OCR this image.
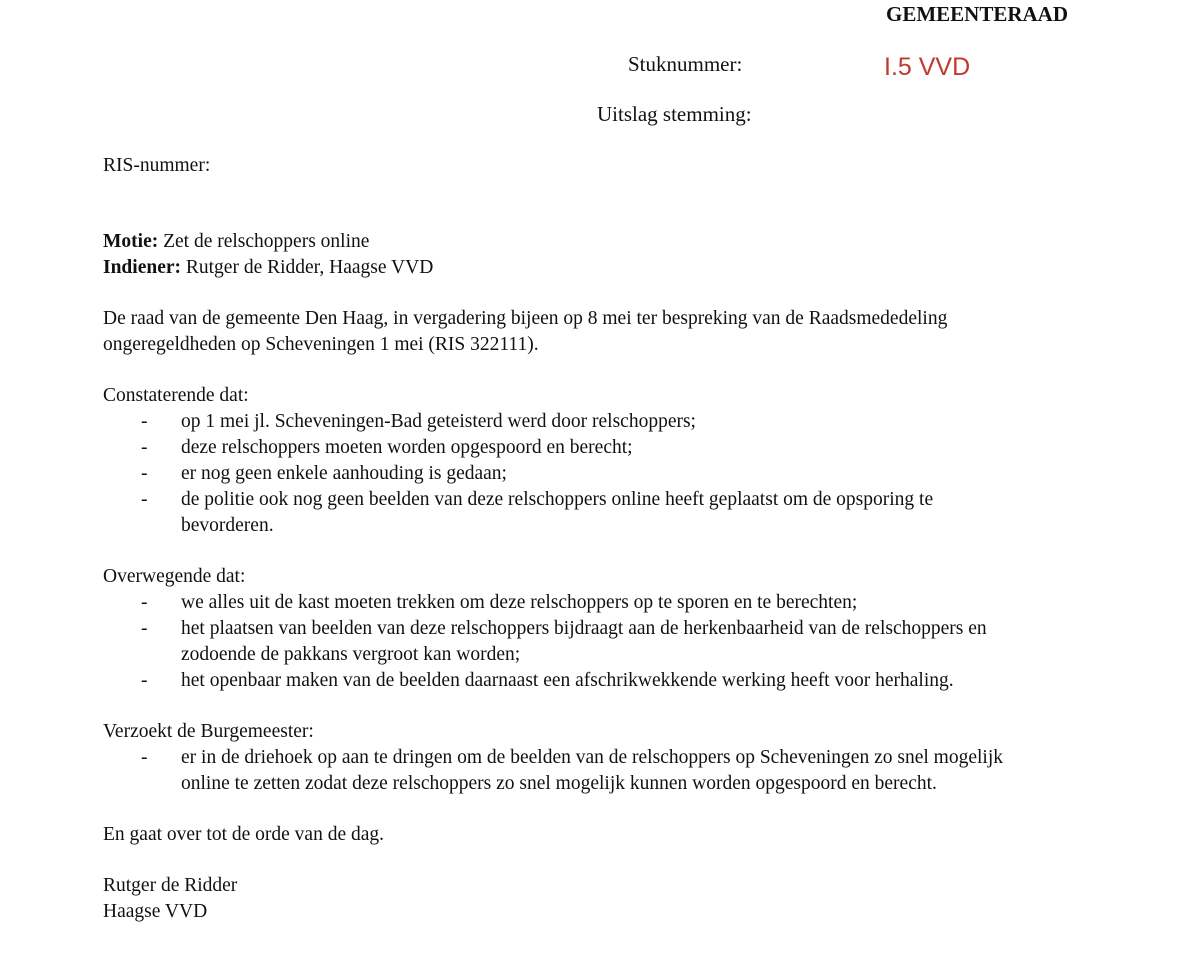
GEMEENTERAAD
Stuknummer:	I.5 VVD
Uitslag stemming:
RIS-nummer:
Motie: Zet de relschoppers online
Indiener: Rutger de Ridder, Haagse VVD
De raad van de gemeente Den Haag, in vergadering bijeen op 8 mei ter bespreking van de Raadsmededeling
ongeregeldheden op Scheveningen 1 mei (RIS 322111).
Constaterende dat:
- op 1 mei jl. Scheveningen-Bad geteisterd werd door relschoppers;
- deze relschoppers moeten worden opgespoord en berecht;
- er nog geen enkele aanhouding is gedaan;
- de politie ook nog geen beelden van deze relschoppers online heeft geplaatst om de opsporing te
bevorderen.
Overwegende dat:
- we alles uit de kast moeten trekken om deze relschoppers op te sporen en te berechten;
- het plaatsen van beelden van deze relschoppers bijdraagt aan de herkenbaarheid van de relschoppers en
zodoende de pakkans vergroot kan worden;
- het openbaar maken van de beelden daarnaast een afschrikwekkende werking heeft voor herhaling.
Verzoekt de Burgemeester:
- er in de driehoek op aan te dringen om de beelden van de relschoppers op Scheveningen zo snel mogelijk
online te zetten zodat deze relschoppers zo snel mogelijk kunnen worden opgespoord en berecht.
En gaat over tot de orde van de dag.
Rutger de Ridder
Haagse VVD
